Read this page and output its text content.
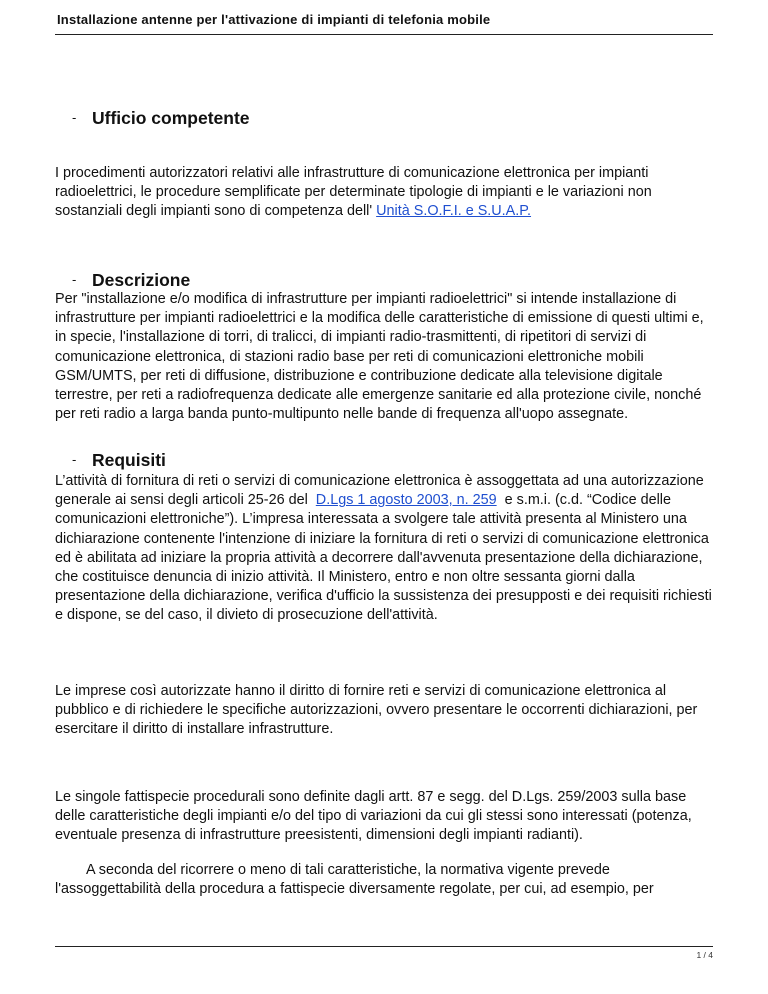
Installazione antenne per l'attivazione di impianti di telefonia mobile
- Ufficio competente

I procedimenti autorizzatori relativi alle infrastrutture di comunicazione elettronica per impianti radioelettrici, le procedure semplificate per determinate tipologie di impianti e le variazioni non sostanziali degli impianti sono di competenza dell' Unità S.O.F.I. e S.U.A.P.

- Descrizione

Per "installazione e/o modifica di infrastrutture per impianti radioelettrici" si intende installazione di infrastrutture per impianti radioelettrici e la modifica delle caratteristiche di emissione di questi ultimi e, in specie, l'installazione di torri, di tralicci, di impianti radio-trasmittenti, di ripetitori di servizi di comunicazione elettronica, di stazioni radio base per reti di comunicazioni elettroniche mobili GSM/UMTS, per reti di diffusione, distribuzione e contribuzione dedicate alla televisione digitale terrestre, per reti a radiofrequenza dedicate alle emergenze sanitarie ed alla protezione civile, nonché per reti radio a larga banda punto-multipunto nelle bande di frequenza all'uopo assegnate.

- Requisiti

L’attività di fornitura di reti o servizi di comunicazione elettronica è assoggettata ad una autorizzazione generale ai sensi degli articoli 25-26 del D.Lgs 1 agosto 2003, n. 259 e s.m.i. (c.d. “Codice delle comunicazioni elettroniche”). L’impresa interessata a svolgere tale attività presenta al Ministero una dichiarazione contenente l'intenzione di iniziare la fornitura di reti o servizi di comunicazione elettronica ed è abilitata ad iniziare la propria attività a decorrere dall'avvenuta presentazione della dichiarazione, che costituisce denuncia di inizio attività. Il Ministero, entro e non oltre sessanta giorni dalla presentazione della dichiarazione, verifica d'ufficio la sussistenza dei presupposti e dei requisiti richiesti e dispone, se del caso, il divieto di prosecuzione dell'attività.

Le imprese così autorizzate hanno il diritto di fornire reti e servizi di comunicazione elettronica al pubblico e di richiedere le specifiche autorizzazioni, ovvero presentare le occorrenti dichiarazioni, per esercitare il diritto di installare infrastrutture.

Le singole fattispecie procedurali sono definite dagli artt. 87 e segg. del D.Lgs. 259/2003 sulla base delle caratteristiche degli impianti e/o del tipo di variazioni da cui gli stessi sono interessati (potenza, eventuale presenza di infrastrutture preesistenti, dimensioni degli impianti radianti).

A seconda del ricorrere o meno di tali caratteristiche, la normativa vigente prevede l'assoggettabilità della procedura a fattispecie diversamente regolate, per cui, ad esempio, per

1 / 4
